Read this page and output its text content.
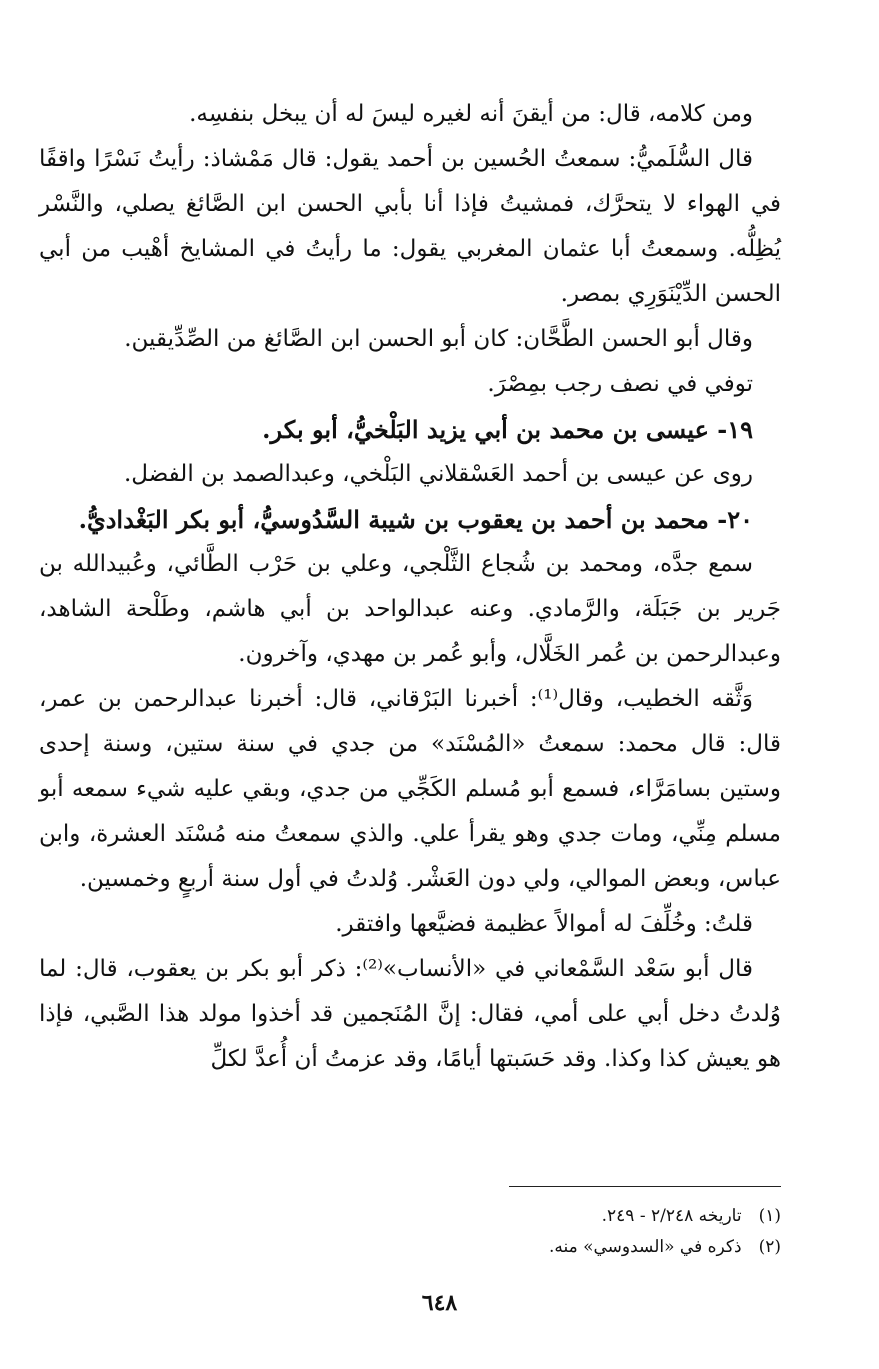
ومن كلامه، قال: من أيقنَ أنه لغيره ليسَ له أن يبخل بنفسِه.

قال السُّلَميُّ: سمعتُ الحُسين بن أحمد يقول: قال مَمْشاذ: رأيتُ نَسْرًا واقفًا في الهواء لا يتحرَّك، فمشيتُ فإذا أنا بأبي الحسن ابن الصَّائغ يصلي، والنَّسْر يُظِلُّه. وسمعتُ أبا عثمان المغربي يقول: ما رأيتُ في المشايخ أهْيب من أبي الحسن الدِّيْنَوَرِي بمصر.

وقال أبو الحسن الطَّحَّان: كان أبو الحسن ابن الصَّائغ من الصِّدِّيقين.

توفي في نصف رجب بمِصْرَ.

١٩- عيسى بن محمد بن أبي يزيد البَلْخيُّ، أبو بكر.

روى عن عيسى بن أحمد العَسْقلاني البَلْخي، وعبدالصمد بن الفضل.

٢٠- محمد بن أحمد بن يعقوب بن شيبة السَّدُوسيُّ، أبو بكر البَغْداديُّ.

سمع جدَّه، ومحمد بن شُجاع الثَّلْجي، وعلي بن حَرْب الطَّائي، وعُبيدالله بن جَرير بن جَبَلَة، والرَّمادي. وعنه عبدالواحد بن أبي هاشم، وطَلْحة الشاهد، وعبدالرحمن بن عُمر الخَلَّال، وأبو عُمر بن مهدي، وآخرون.

وَثَّقه الخطيب، وقال⁽¹⁾: أخبرنا البَرْقاني، قال: أخبرنا عبدالرحمن بن عمر، قال: قال محمد: سمعتُ «المُسْنَد» من جدي في سنة ستين، وسنة إحدى وستين بسامَرَّاء، فسمع أبو مُسلم الكَجِّي من جدي، وبقي عليه شيء سمعه أبو مسلم مِنِّي، ومات جدي وهو يقرأ علي. والذي سمعتُ منه مُسْنَد العشرة، وابن عباس، وبعض الموالي، ولي دون العَشْر. وُلدتُ في أول سنة أربعٍ وخمسين.

قلتُ: وخُلِّفَ له أموالاً عظيمة فضيَّعها وافتقر.

قال أبو سَعْد السَّمْعاني في «الأنساب»⁽²⁾: ذكر أبو بكر بن يعقوب، قال: لما وُلدتُ دخل أبي على أمي، فقال: إنَّ المُنَجمين قد أخذوا مولد هذا الصَّبي، فإذا هو يعيش كذا وكذا. وقد حَسَبتها أيامًا، وقد عزمتُ أن أُعدَّ لكلِّ

(١) تاريخه ٢/٢٤٨ - ٢٤٩.

(٢) ذكره في «السدوسي» منه.

٦٤٨
